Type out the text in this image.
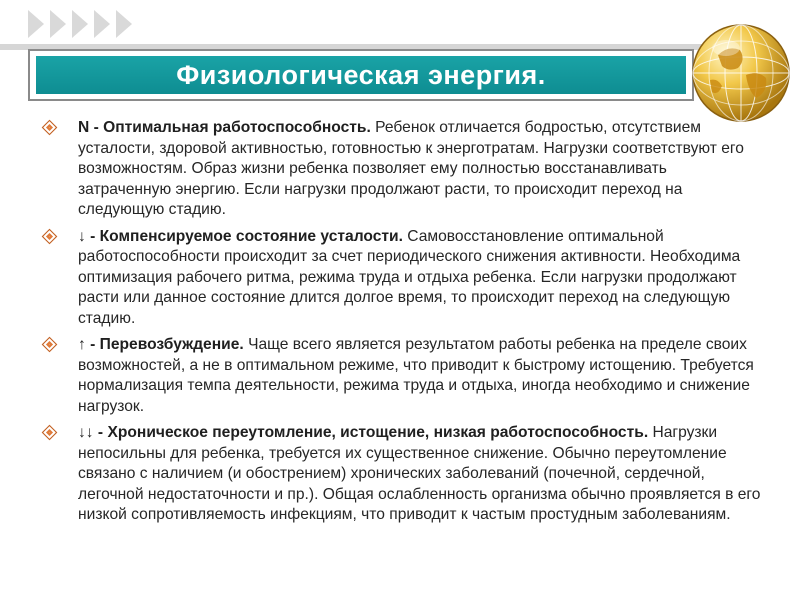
Физиологическая энергия.
N - Оптимальная работоспособность. Ребенок отличается бодростью, отсутствием усталости, здоровой активностью, готовностью к энерготратам. Нагрузки соответствуют его возможностям. Образ жизни ребенка позволяет ему полностью восстанавливать затраченную энергию. Если нагрузки продолжают расти, то происходит переход на следующую стадию.
↓ - Компенсируемое состояние усталости. Самовосстановление оптимальной работоспособности происходит за счет периодического снижения активности. Необходима оптимизация рабочего ритма, режима труда и отдыха ребенка. Если нагрузки продолжают расти или данное состояние длится долгое время, то происходит переход на следующую стадию.
↑ - Перевозбуждение. Чаще всего является результатом работы ребенка на пределе своих возможностей, а не в оптимальном режиме, что приводит к быстрому истощению. Требуется нормализация темпа деятельности, режима труда и отдыха, иногда необходимо и снижение нагрузок.
↓↓ - Хроническое переутомление, истощение, низкая работоспособность. Нагрузки непосильны для ребенка, требуется их существенное снижение. Обычно переутомление связано с наличием (и обострением) хронических заболеваний (почечной, сердечной, легочной недостаточности и пр.). Общая ослабленность организма обычно проявляется в его низкой сопротивляемость инфекциям, что приводит к частым простудным заболеваниям.
